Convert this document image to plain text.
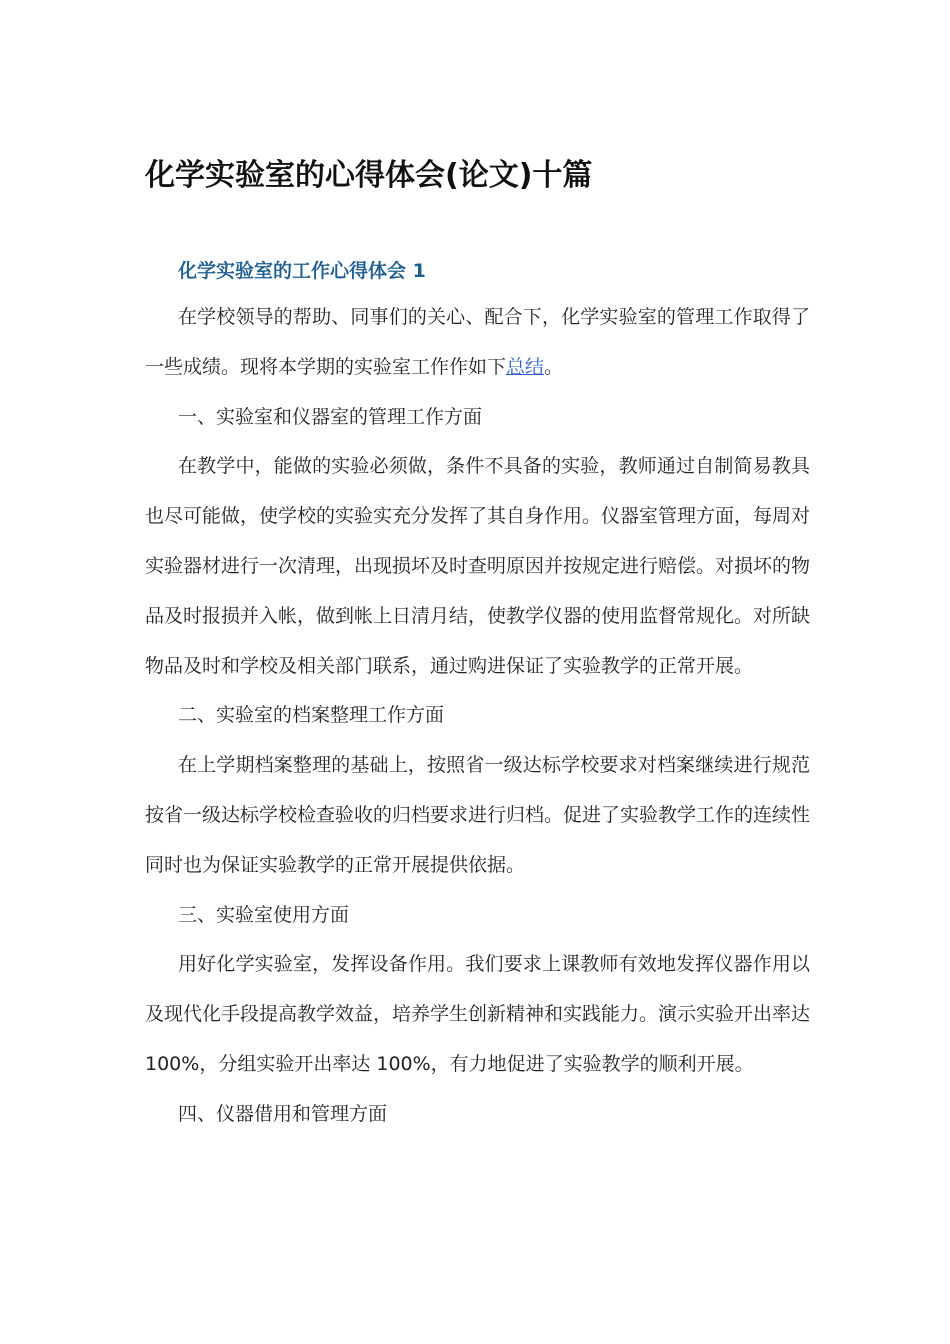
化学实验室的心得体会(论文)十篇
化学实验室的工作心得体会 1

在学校领导的帮助、同事们的关心、配合下，化学实验室的管理工作取得了一些成绩。现将本学期的实验室工作作如下总结。

一、实验室和仪器室的管理工作方面

在教学中，能做的实验必须做，条件不具备的实验，教师通过自制简易教具也尽可能做，使学校的实验实充分发挥了其自身作用。仪器室管理方面，每周对实验器材进行一次清理，出现损坏及时查明原因并按规定进行赔偿。对损坏的物品及时报损并入帐，做到帐上日清月结，使教学仪器的使用监督常规化。对所缺物品及时和学校及相关部门联系，通过购进保证了实验教学的正常开展。

二、实验室的档案整理工作方面

在上学期档案整理的基础上，按照省一级达标学校要求对档案继续进行规范按省一级达标学校检查验收的归档要求进行归档。促进了实验教学工作的连续性同时也为保证实验教学的正常开展提供依据。

三、实验室使用方面

用好化学实验室，发挥设备作用。我们要求上课教师有效地发挥仪器作用以及现代化手段提高教学效益，培养学生创新精神和实践能力。演示实验开出率达 100%，分组实验开出率达 100%，有力地促进了实验教学的顺利开展。

四、仪器借用和管理方面
